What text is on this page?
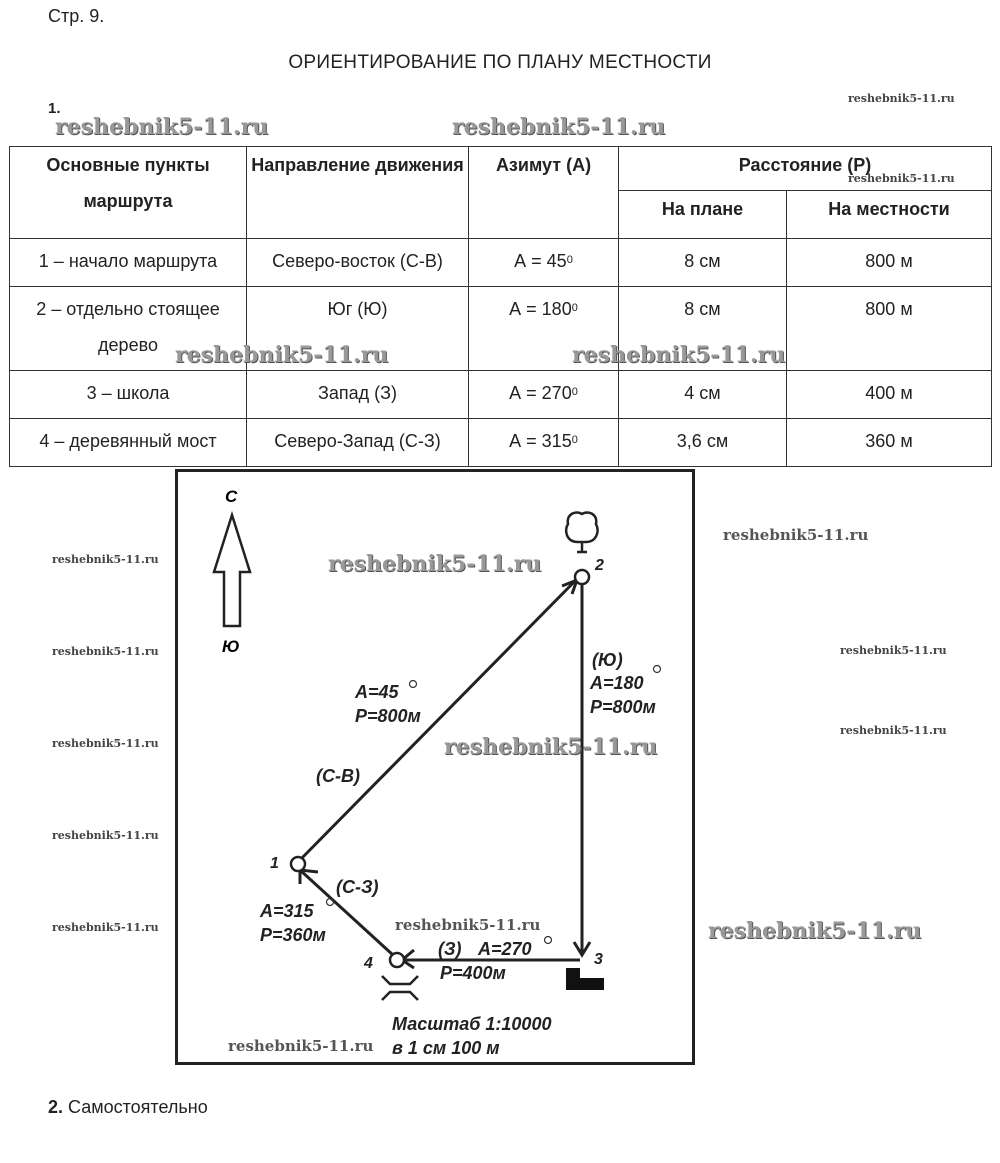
Стр. 9.
ОРИЕНТИРОВАНИЕ ПО ПЛАНУ МЕСТНОСТИ
1.
reshebnik5-11.ru	reshebnik5-11.ru
reshebnik5-11.ru
Основные пункты маршрута	Направление движения	Азимут (А)	Расстояние (Р)	
			На плане	На местности
1 – начало маршрута	Северо-восток (С-В)	$А = 45^0$	8 см	800 м
2 – отдельно стоящее дерево	Юг (Ю)	$А = 180^0$	8 см	800 м
3 – школа	Запад (З)	$А = 270^0$	4 см	400 м
4 – деревянный мост	Северо-Запад (С-З)	$А = 315^0$	3,6 см	360 м
reshebnik5-11.ru
reshebnik5-11.ru	reshebnik5-11.ru
С
Ю
1
2
3
4
А=45
Р=800м
(С-В)
(Ю)
А=180
Р=800м
(З) А=270
Р=400м
(С-З)
А=315
Р=360м
Масштаб 1:10000
в 1 см 100 м
reshebnik5-11.ru
reshebnik5-11.ru
reshebnik5-11.ru
reshebnik5-11.ru
reshebnik5-11.ru
reshebnik5-11.ru
reshebnik5-11.ru
reshebnik5-11.ru
reshebnik5-11.ru
reshebnik5-11.ru
reshebnik5-11.ru
reshebnik5-11.ru
reshebnik5-11.ru
2. Самостоятельно
